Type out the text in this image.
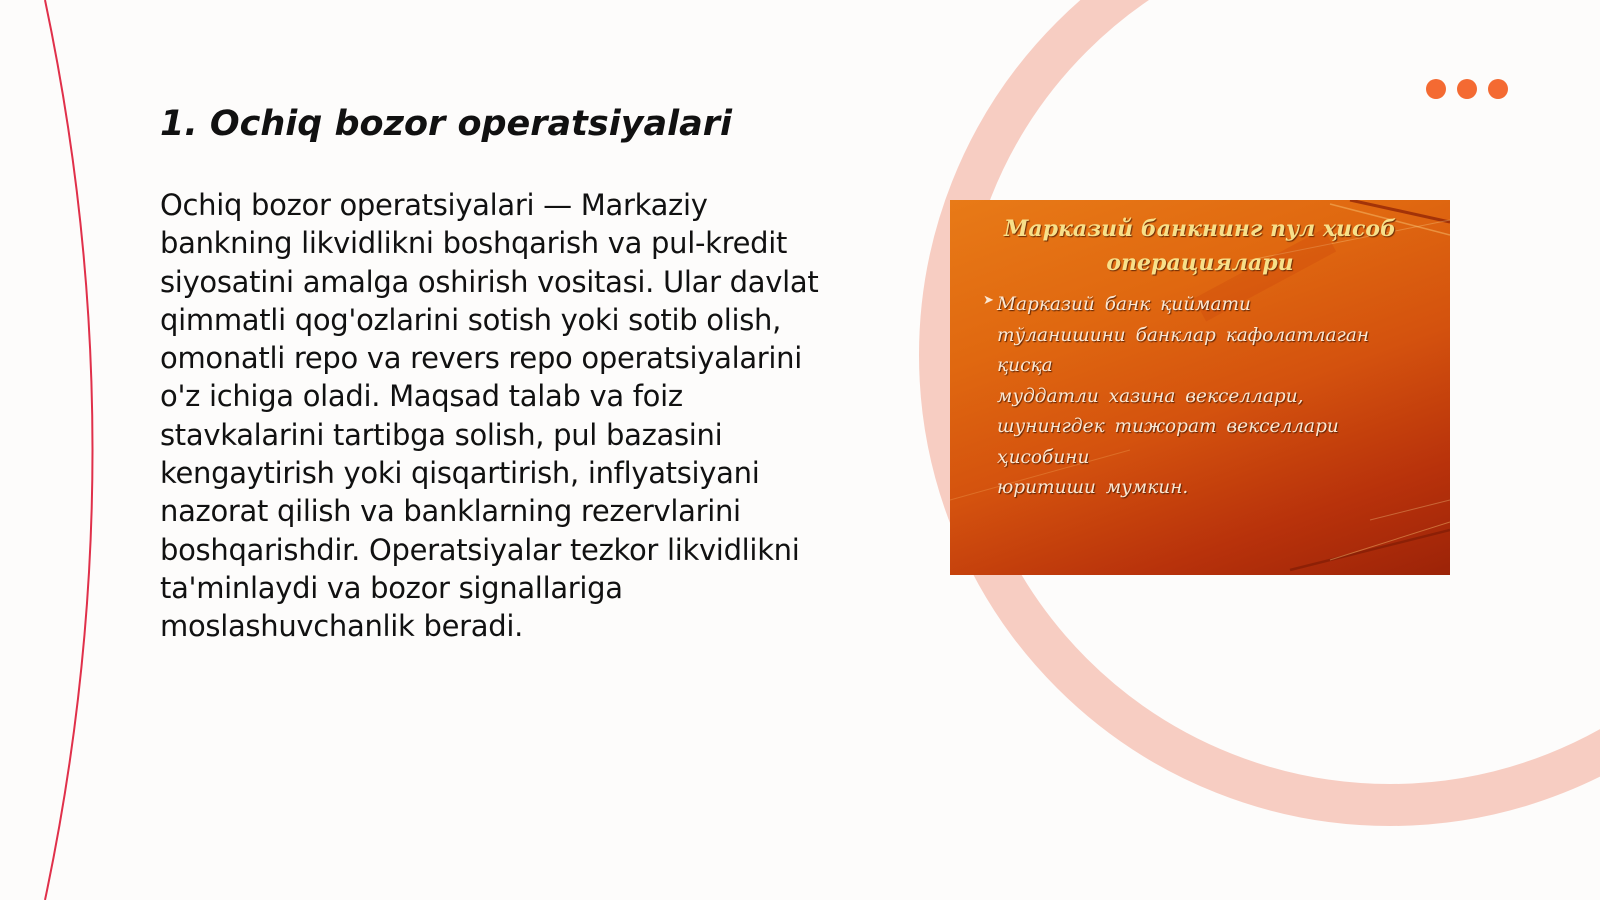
1. Ochiq bozor operatsiyalari

Ochiq bozor operatsiyalari — Markaziy bankning likvidlikni boshqarish va pul-kredit siyosatini amalga oshirish vositasi. Ular davlat qimmatli qog'ozlarini sotish yoki sotib olish, omonatli repo va revers repo operatsiyalarini o'z ichiga oladi. Maqsad talab va foiz stavkalarini tartibga solish, pul bazasini kengaytirish yoki qisqartirish, inflyatsiyani nazorat qilish va banklarning rezervlarini boshqarishdir. Operatsiyalar tezkor likvidlikni ta'minlaydi va bozor signallariga moslashuvchanlik beradi.

Марказий банкнинг пул ҳисоб операциялари
➤ Марказий банк қиймати
тўланишини банклар кафолатлаган
қисқа
муддатли хазина векселлари,
шунингдек тижорат векселлари
ҳисобини
юритиши мумкин.
